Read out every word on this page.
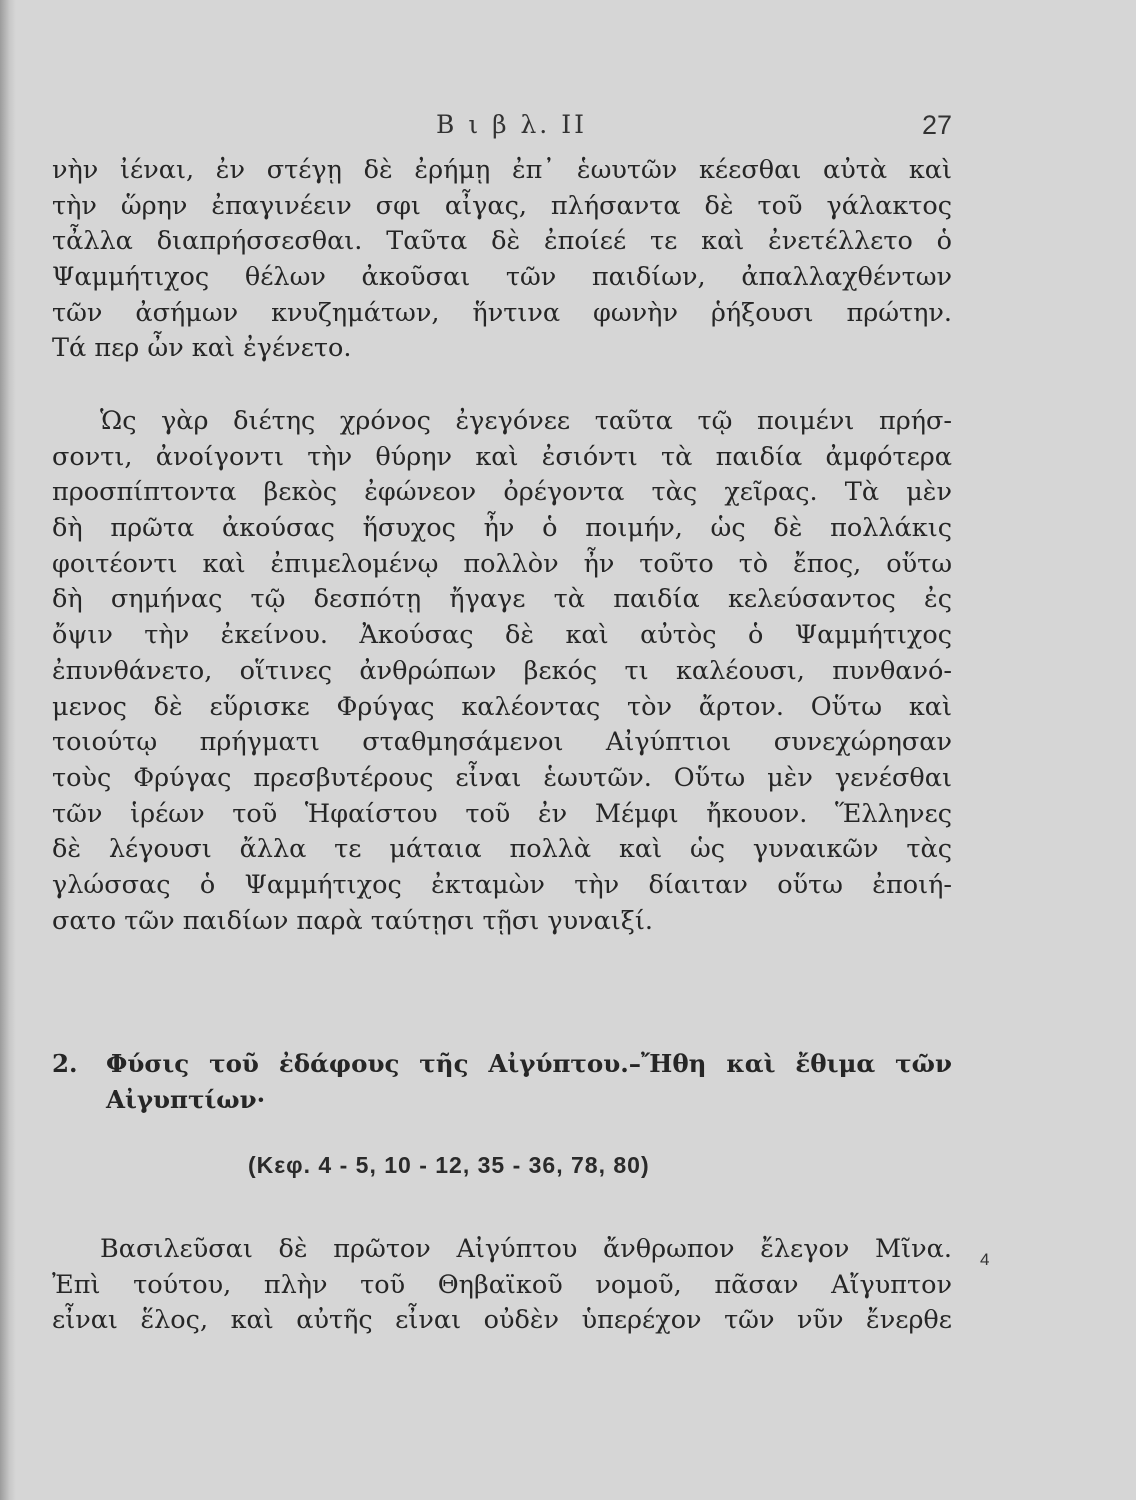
Β ι β λ. ΙΙ	27
νὴν ἰέναι, ἐν στέγῃ δὲ ἐρήμῃ ἐπ᾽ ἑωυτῶν κέεσθαι αὐτὰ καὶ
τὴν ὥρην ἐπαγινέειν σφι αἶγας, πλήσαντα δὲ τοῦ γάλακτος
τἆλλα διαπρήσσεσθαι. Ταῦτα δὲ ἐποίεέ τε καὶ ἐνετέλλετο ὁ
Ψαμμήτιχος θέλων ἀκοῦσαι τῶν παιδίων, ἀπαλλαχθέντων
τῶν ἀσήμων κνυζημάτων, ἥντινα φωνὴν ῥήξουσι πρώτην.
Τά περ ὦν καὶ ἐγένετο.
Ὡς γὰρ διέτης χρόνος ἐγεγόνεε ταῦτα τῷ ποιμένι πρήσ-
σοντι, ἀνοίγοντι τὴν θύρην καὶ ἐσιόντι τὰ παιδία ἀμφότερα
προσπίπτοντα βεκὸς ἐφώνεον ὀρέγοντα τὰς χεῖρας. Τὰ μὲν
δὴ πρῶτα ἀκούσας ἥσυχος ἦν ὁ ποιμήν, ὡς δὲ πολλάκις
φοιτέοντι καὶ ἐπιμελομένῳ πολλὸν ἦν τοῦτο τὸ ἔπος, οὕτω
δὴ σημήνας τῷ δεσπότῃ ἤγαγε τὰ παιδία κελεύσαντος ἐς
ὄψιν τὴν ἐκείνου. Ἀκούσας δὲ καὶ αὐτὸς ὁ Ψαμμήτιχος
ἐπυνθάνετο, οἵτινες ἀνθρώπων βεκός τι καλέουσι, πυνθανό-
μενος δὲ εὕρισκε Φρύγας καλέοντας τὸν ἄρτον. Οὕτω καὶ
τοιούτῳ πρήγματι σταθμησάμενοι Αἰγύπτιοι συνεχώρησαν
τοὺς Φρύγας πρεσβυτέρους εἶναι ἑωυτῶν. Οὕτω μὲν γενέσθαι
τῶν ἱρέων τοῦ Ἡφαίστου τοῦ ἐν Μέμφι ἤκουον. Ἕλληνες
δὲ λέγουσι ἄλλα τε μάταια πολλὰ καὶ ὡς γυναικῶν τὰς
γλώσσας ὁ Ψαμμήτιχος ἐκταμὼν τὴν δίαιταν οὕτω ἐποιή-
σατο τῶν παιδίων παρὰ ταύτῃσι τῇσι γυναιξί.
2.	Φύσις τοῦ ἐδάφους τῆς Αἰγύπτου.–Ἤθη καὶ ἔθιμα τῶν
Αἰγυπτίων·
(Κεφ. 4 - 5, 10 - 12, 35 - 36, 78, 80)
Βασιλεῦσαι δὲ πρῶτον Αἰγύπτου ἄνθρωπον ἔλεγον Μῖνα.
Ἐπὶ τούτου, πλὴν τοῦ Θηβαϊκοῦ νομοῦ, πᾶσαν Αἴγυπτον
εἶναι ἕλος, καὶ αὐτῆς εἶναι οὐδὲν ὑπερέχον τῶν νῦν ἔνερθε
4
